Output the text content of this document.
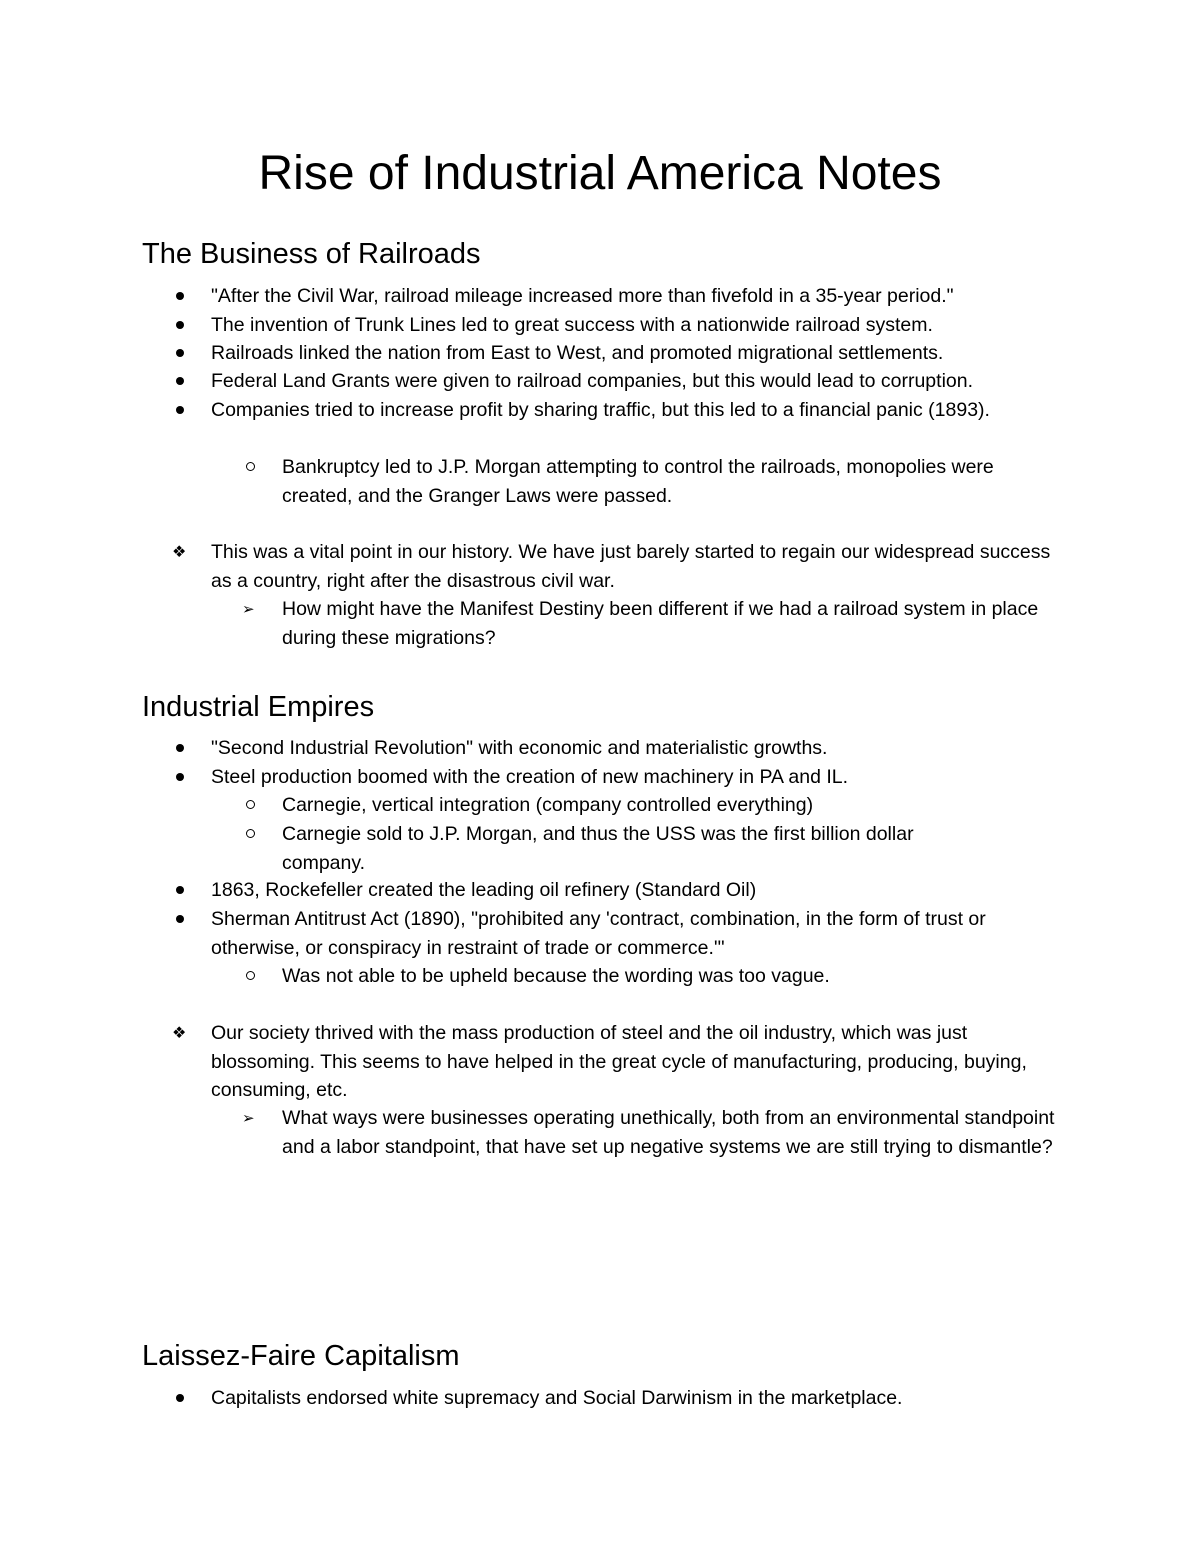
Rise of Industrial America Notes
The Business of Railroads
"After the Civil War, railroad mileage increased more than fivefold in a 35-year period."
The invention of Trunk Lines led to great success with a nationwide railroad system.
Railroads linked the nation from East to West, and promoted migrational settlements.
Federal Land Grants were given to railroad companies, but this would lead to corruption.
Companies tried to increase profit by sharing traffic, but this led to a financial panic (1893).
Bankruptcy led to J.P. Morgan attempting to control the railroads, monopolies were created, and the Granger Laws were passed.
❖ This was a vital point in our history. We have just barely started to regain our widespread success as a country, right after the disastrous civil war.
➢ How might have the Manifest Destiny been different if we had a railroad system in place during these migrations?
Industrial Empires
"Second Industrial Revolution" with economic and materialistic growths.
Steel production boomed with the creation of new machinery in PA and IL.
Carnegie, vertical integration (company controlled everything)
Carnegie sold to J.P. Morgan, and thus the USS was the first billion dollar company.
1863, Rockefeller created the leading oil refinery (Standard Oil)
Sherman Antitrust Act (1890), "prohibited any 'contract, combination, in the form of trust or otherwise, or conspiracy in restraint of trade or commerce.'"
Was not able to be upheld because the wording was too vague.
❖ Our society thrived with the mass production of steel and the oil industry, which was just blossoming. This seems to have helped in the great cycle of manufacturing, producing, buying, consuming, etc.
➢ What ways were businesses operating unethically, both from an environmental standpoint and a labor standpoint, that have set up negative systems we are still trying to dismantle?
Laissez-Faire Capitalism
Capitalists endorsed white supremacy and Social Darwinism in the marketplace.
